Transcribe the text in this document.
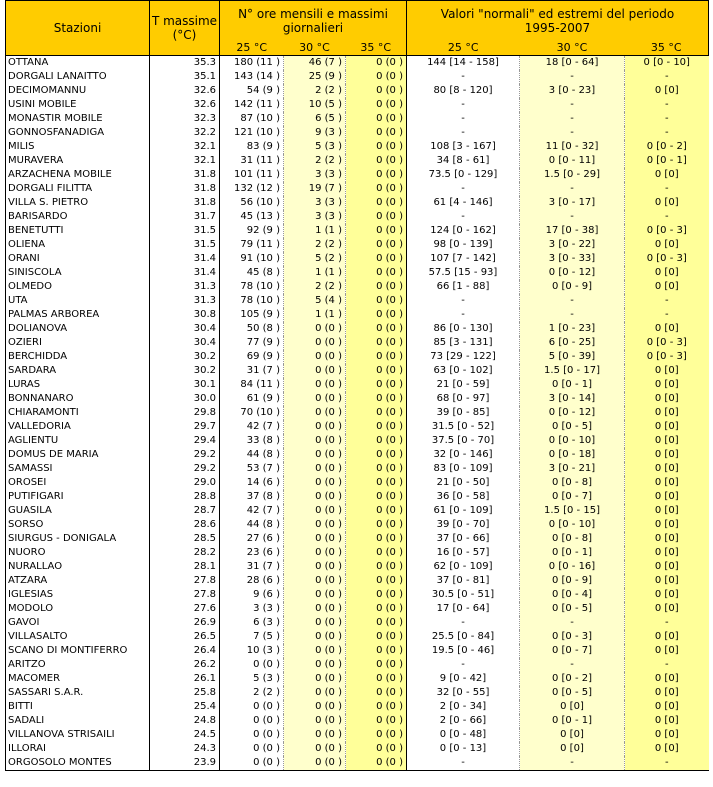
Stazioni	T massime
(°C)	N° ore mensili e massimi
giornalieri			Valori "normali" ed estremi del periodo
1995-2007		
		25 °C	30 °C	35 °C	25 °C	30 °C	35 °C
OTTANA	35.3	180 (11 )	46 (7 )	0 (0 )	144 [14 - 158]	18 [0 - 64]	0 [0 - 10]
DORGALI LANAITTO	35.1	143 (14 )	25 (9 )	0 (0 )	-	-	-
DECIMOMANNU	32.6	54 (9 )	2 (2 )	0 (0 )	80 [8 - 120]	3 [0 - 23]	0 [0]
USINI MOBILE	32.6	142 (11 )	10 (5 )	0 (0 )	-	-	-
MONASTIR MOBILE	32.3	87 (10 )	6 (5 )	0 (0 )	-	-	-
GONNOSFANADIGA	32.2	121 (10 )	9 (3 )	0 (0 )	-	-	-
MILIS	32.1	83 (9 )	5 (3 )	0 (0 )	108 [3 - 167]	11 [0 - 32]	0 [0 - 2]
MURAVERA	32.1	31 (11 )	2 (2 )	0 (0 )	34 [8 - 61]	0 [0 - 11]	0 [0 - 1]
ARZACHENA MOBILE	31.8	101 (11 )	3 (3 )	0 (0 )	73.5 [0 - 129]	1.5 [0 - 29]	0 [0]
DORGALI FILITTA	31.8	132 (12 )	19 (7 )	0 (0 )	-	-	-
VILLA S. PIETRO	31.8	56 (10 )	3 (3 )	0 (0 )	61 [4 - 146]	3 [0 - 17]	0 [0]
BARISARDO	31.7	45 (13 )	3 (3 )	0 (0 )	-	-	-
BENETUTTI	31.5	92 (9 )	1 (1 )	0 (0 )	124 [0 - 162]	17 [0 - 38]	0 [0 - 3]
OLIENA	31.5	79 (11 )	2 (2 )	0 (0 )	98 [0 - 139]	3 [0 - 22]	0 [0]
ORANI	31.4	91 (10 )	5 (2 )	0 (0 )	107 [7 - 142]	3 [0 - 33]	0 [0 - 3]
SINISCOLA	31.4	45 (8 )	1 (1 )	0 (0 )	57.5 [15 - 93]	0 [0 - 12]	0 [0]
OLMEDO	31.3	78 (10 )	2 (2 )	0 (0 )	66 [1 - 88]	0 [0 - 9]	0 [0]
UTA	31.3	78 (10 )	5 (4 )	0 (0 )	-	-	-
PALMAS ARBOREA	30.8	105 (9 )	1 (1 )	0 (0 )	-	-	-
DOLIANOVA	30.4	50 (8 )	0 (0 )	0 (0 )	86 [0 - 130]	1 [0 - 23]	0 [0]
OZIERI	30.4	77 (9 )	0 (0 )	0 (0 )	85 [3 - 131]	6 [0 - 25]	0 [0 - 3]
BERCHIDDA	30.2	69 (9 )	0 (0 )	0 (0 )	73 [29 - 122]	5 [0 - 39]	0 [0 - 3]
SARDARA	30.2	31 (7 )	0 (0 )	0 (0 )	63 [0 - 102]	1.5 [0 - 17]	0 [0]
LURAS	30.1	84 (11 )	0 (0 )	0 (0 )	21 [0 - 59]	0 [0 - 1]	0 [0]
BONNANARO	30.0	61 (9 )	0 (0 )	0 (0 )	68 [0 - 97]	3 [0 - 14]	0 [0]
CHIARAMONTI	29.8	70 (10 )	0 (0 )	0 (0 )	39 [0 - 85]	0 [0 - 12]	0 [0]
VALLEDORIA	29.7	42 (7 )	0 (0 )	0 (0 )	31.5 [0 - 52]	0 [0 - 5]	0 [0]
AGLIENTU	29.4	33 (8 )	0 (0 )	0 (0 )	37.5 [0 - 70]	0 [0 - 10]	0 [0]
DOMUS DE MARIA	29.2	44 (8 )	0 (0 )	0 (0 )	32 [0 - 146]	0 [0 - 18]	0 [0]
SAMASSI	29.2	53 (7 )	0 (0 )	0 (0 )	83 [0 - 109]	3 [0 - 21]	0 [0]
OROSEI	29.0	14 (6 )	0 (0 )	0 (0 )	21 [0 - 50]	0 [0 - 8]	0 [0]
PUTIFIGARI	28.8	37 (8 )	0 (0 )	0 (0 )	36 [0 - 58]	0 [0 - 7]	0 [0]
GUASILA	28.7	42 (7 )	0 (0 )	0 (0 )	61 [0 - 109]	1.5 [0 - 15]	0 [0]
SORSO	28.6	44 (8 )	0 (0 )	0 (0 )	39 [0 - 70]	0 [0 - 10]	0 [0]
SIURGUS - DONIGALA	28.5	27 (6 )	0 (0 )	0 (0 )	37 [0 - 66]	0 [0 - 8]	0 [0]
NUORO	28.2	23 (6 )	0 (0 )	0 (0 )	16 [0 - 57]	0 [0 - 1]	0 [0]
NURALLAO	28.1	31 (7 )	0 (0 )	0 (0 )	62 [0 - 109]	0 [0 - 16]	0 [0]
ATZARA	27.8	28 (6 )	0 (0 )	0 (0 )	37 [0 - 81]	0 [0 - 9]	0 [0]
IGLESIAS	27.8	9 (6 )	0 (0 )	0 (0 )	30.5 [0 - 51]	0 [0 - 4]	0 [0]
MODOLO	27.6	3 (3 )	0 (0 )	0 (0 )	17 [0 - 64]	0 [0 - 5]	0 [0]
GAVOI	26.9	6 (3 )	0 (0 )	0 (0 )	-	-	-
VILLASALTO	26.5	7 (5 )	0 (0 )	0 (0 )	25.5 [0 - 84]	0 [0 - 3]	0 [0]
SCANO DI MONTIFERRO	26.4	10 (3 )	0 (0 )	0 (0 )	19.5 [0 - 46]	0 [0 - 7]	0 [0]
ARITZO	26.2	0 (0 )	0 (0 )	0 (0 )	-	-	-
MACOMER	26.1	5 (3 )	0 (0 )	0 (0 )	9 [0 - 42]	0 [0 - 2]	0 [0]
SASSARI S.A.R.	25.8	2 (2 )	0 (0 )	0 (0 )	32 [0 - 55]	0 [0 - 5]	0 [0]
BITTI	25.4	0 (0 )	0 (0 )	0 (0 )	2 [0 - 34]	0 [0]	0 [0]
SADALI	24.8	0 (0 )	0 (0 )	0 (0 )	2 [0 - 66]	0 [0 - 1]	0 [0]
VILLANOVA STRISAILI	24.5	0 (0 )	0 (0 )	0 (0 )	0 [0 - 48]	0 [0]	0 [0]
ILLORAI	24.3	0 (0 )	0 (0 )	0 (0 )	0 [0 - 13]	0 [0]	0 [0]
ORGOSOLO MONTES	23.9	0 (0 )	0 (0 )	0 (0 )	-	-	-
